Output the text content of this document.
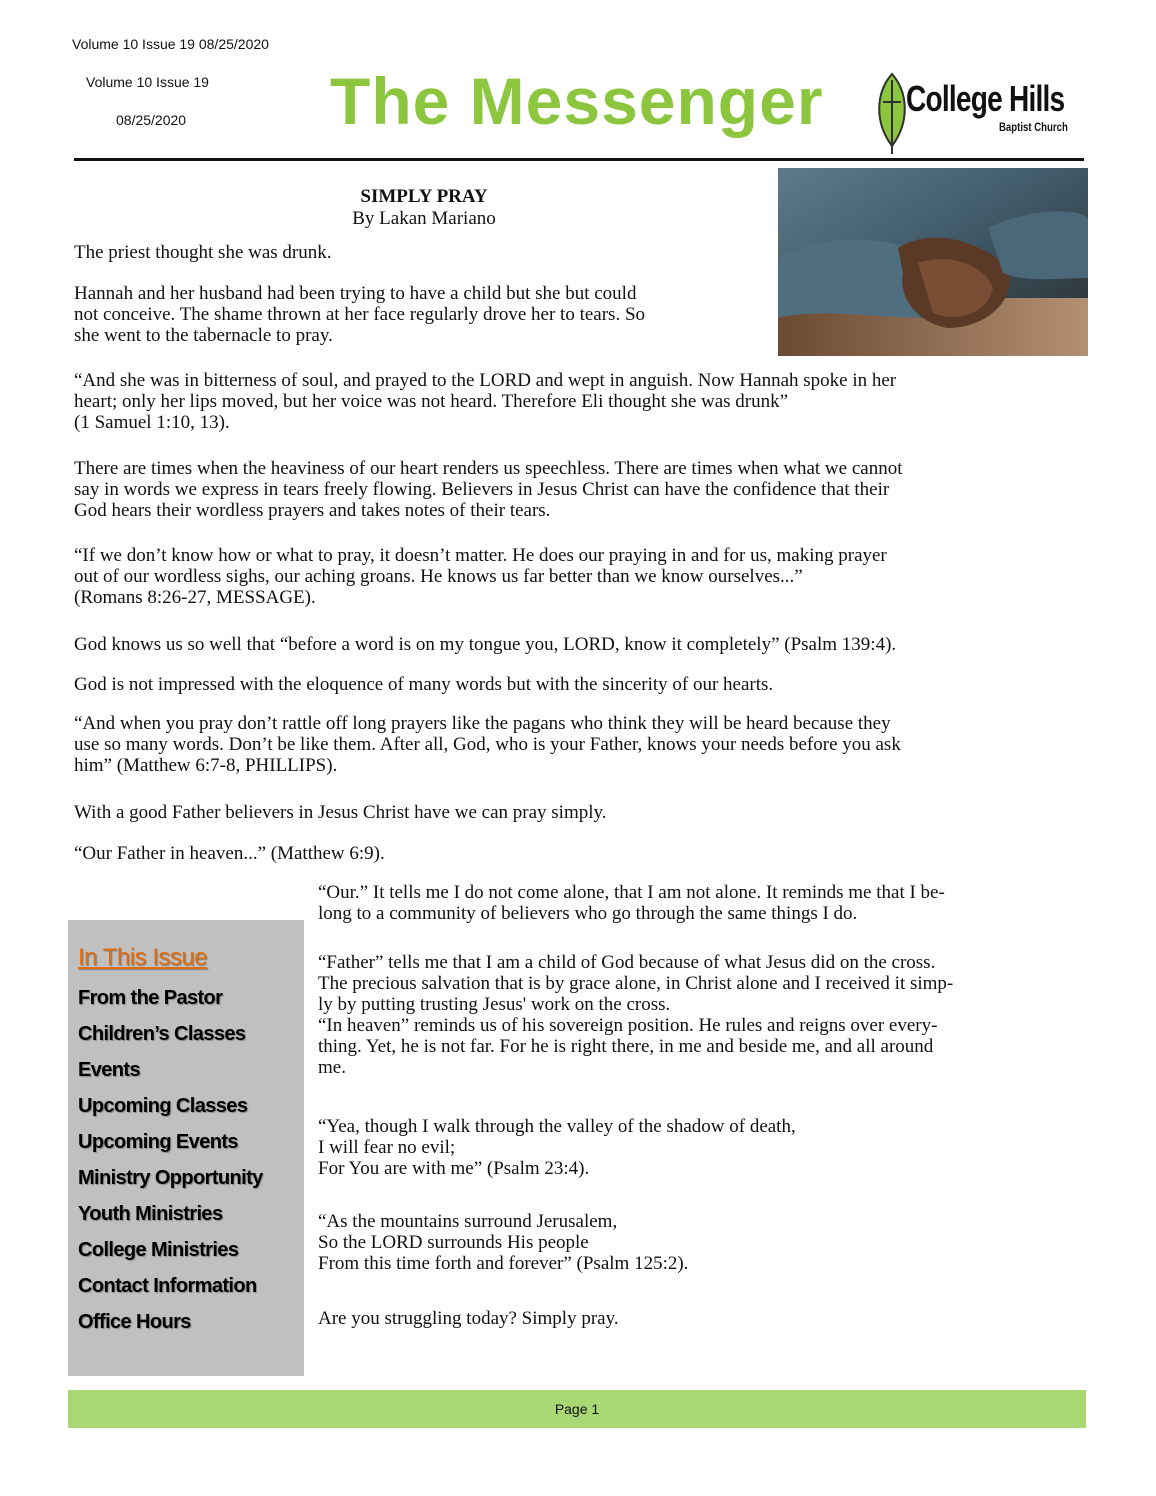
Volume 10 Issue 19 08/25/2020
Volume 10 Issue 19
08/25/2020 The Messenger College Hills
Baptist Church
SIMPLY PRAY
By Lakan Mariano

The priest thought she was drunk.

Hannah and her husband had been trying to have a child but she but could
not conceive. The shame thrown at her face regularly drove her to tears. So
she went to the tabernacle to pray.
“And she was in bitterness of soul, and prayed to the LORD and wept in anguish. Now Hannah spoke in her
heart; only her lips moved, but her voice was not heard. Therefore Eli thought she was drunk”
(1 Samuel 1:10, 13).
There are times when the heaviness of our heart renders us speechless. There are times when what we cannot
say in words we express in tears freely flowing. Believers in Jesus Christ can have the confidence that their
God hears their wordless prayers and takes notes of their tears.
“If we don’t know how or what to pray, it doesn’t matter. He does our praying in and for us, making prayer
out of our wordless sighs, our aching groans. He knows us far better than we know ourselves...”
(Romans 8:26-27, MESSAGE).

God knows us so well that “before a word is on my tongue you, LORD, know it completely” (Psalm 139:4).

God is not impressed with the eloquence of many words but with the sincerity of our hearts.

“And when you pray don’t rattle off long prayers like the pagans who think they will be heard because they
use so many words. Don’t be like them. After all, God, who is your Father, knows your needs before you ask
him” (Matthew 6:7-8, PHILLIPS).

With a good Father believers in Jesus Christ have we can pray simply.

“Our Father in heaven...” (Matthew 6:9).

“Our.” It tells me I do not come alone, that I am not alone. It reminds me that I be-
long to a community of believers who go through the same things I do.
“Father” tells me that I am a child of God because of what Jesus did on the cross.
The precious salvation that is by grace alone, in Christ alone and I received it simp-
ly by putting trusting Jesus' work on the cross.
“In heaven” reminds us of his sovereign position. He rules and reigns over every-
thing. Yet, he is not far. For he is right there, in me and beside me, and all around
me.
“Yea, though I walk through the valley of the shadow of death,
I will fear no evil;
For You are with me” (Psalm 23:4).
“As the mountains surround Jerusalem,
So the LORD surrounds His people
From this time forth and forever” (Psalm 125:2).

Are you struggling today? Simply pray.

In This Issue
From the Pastor
Children’s Classes
Events
Upcoming Classes
Upcoming Events
Ministry Opportunity
Youth Ministries
College Ministries
Contact Information
Office Hours
Page 1
